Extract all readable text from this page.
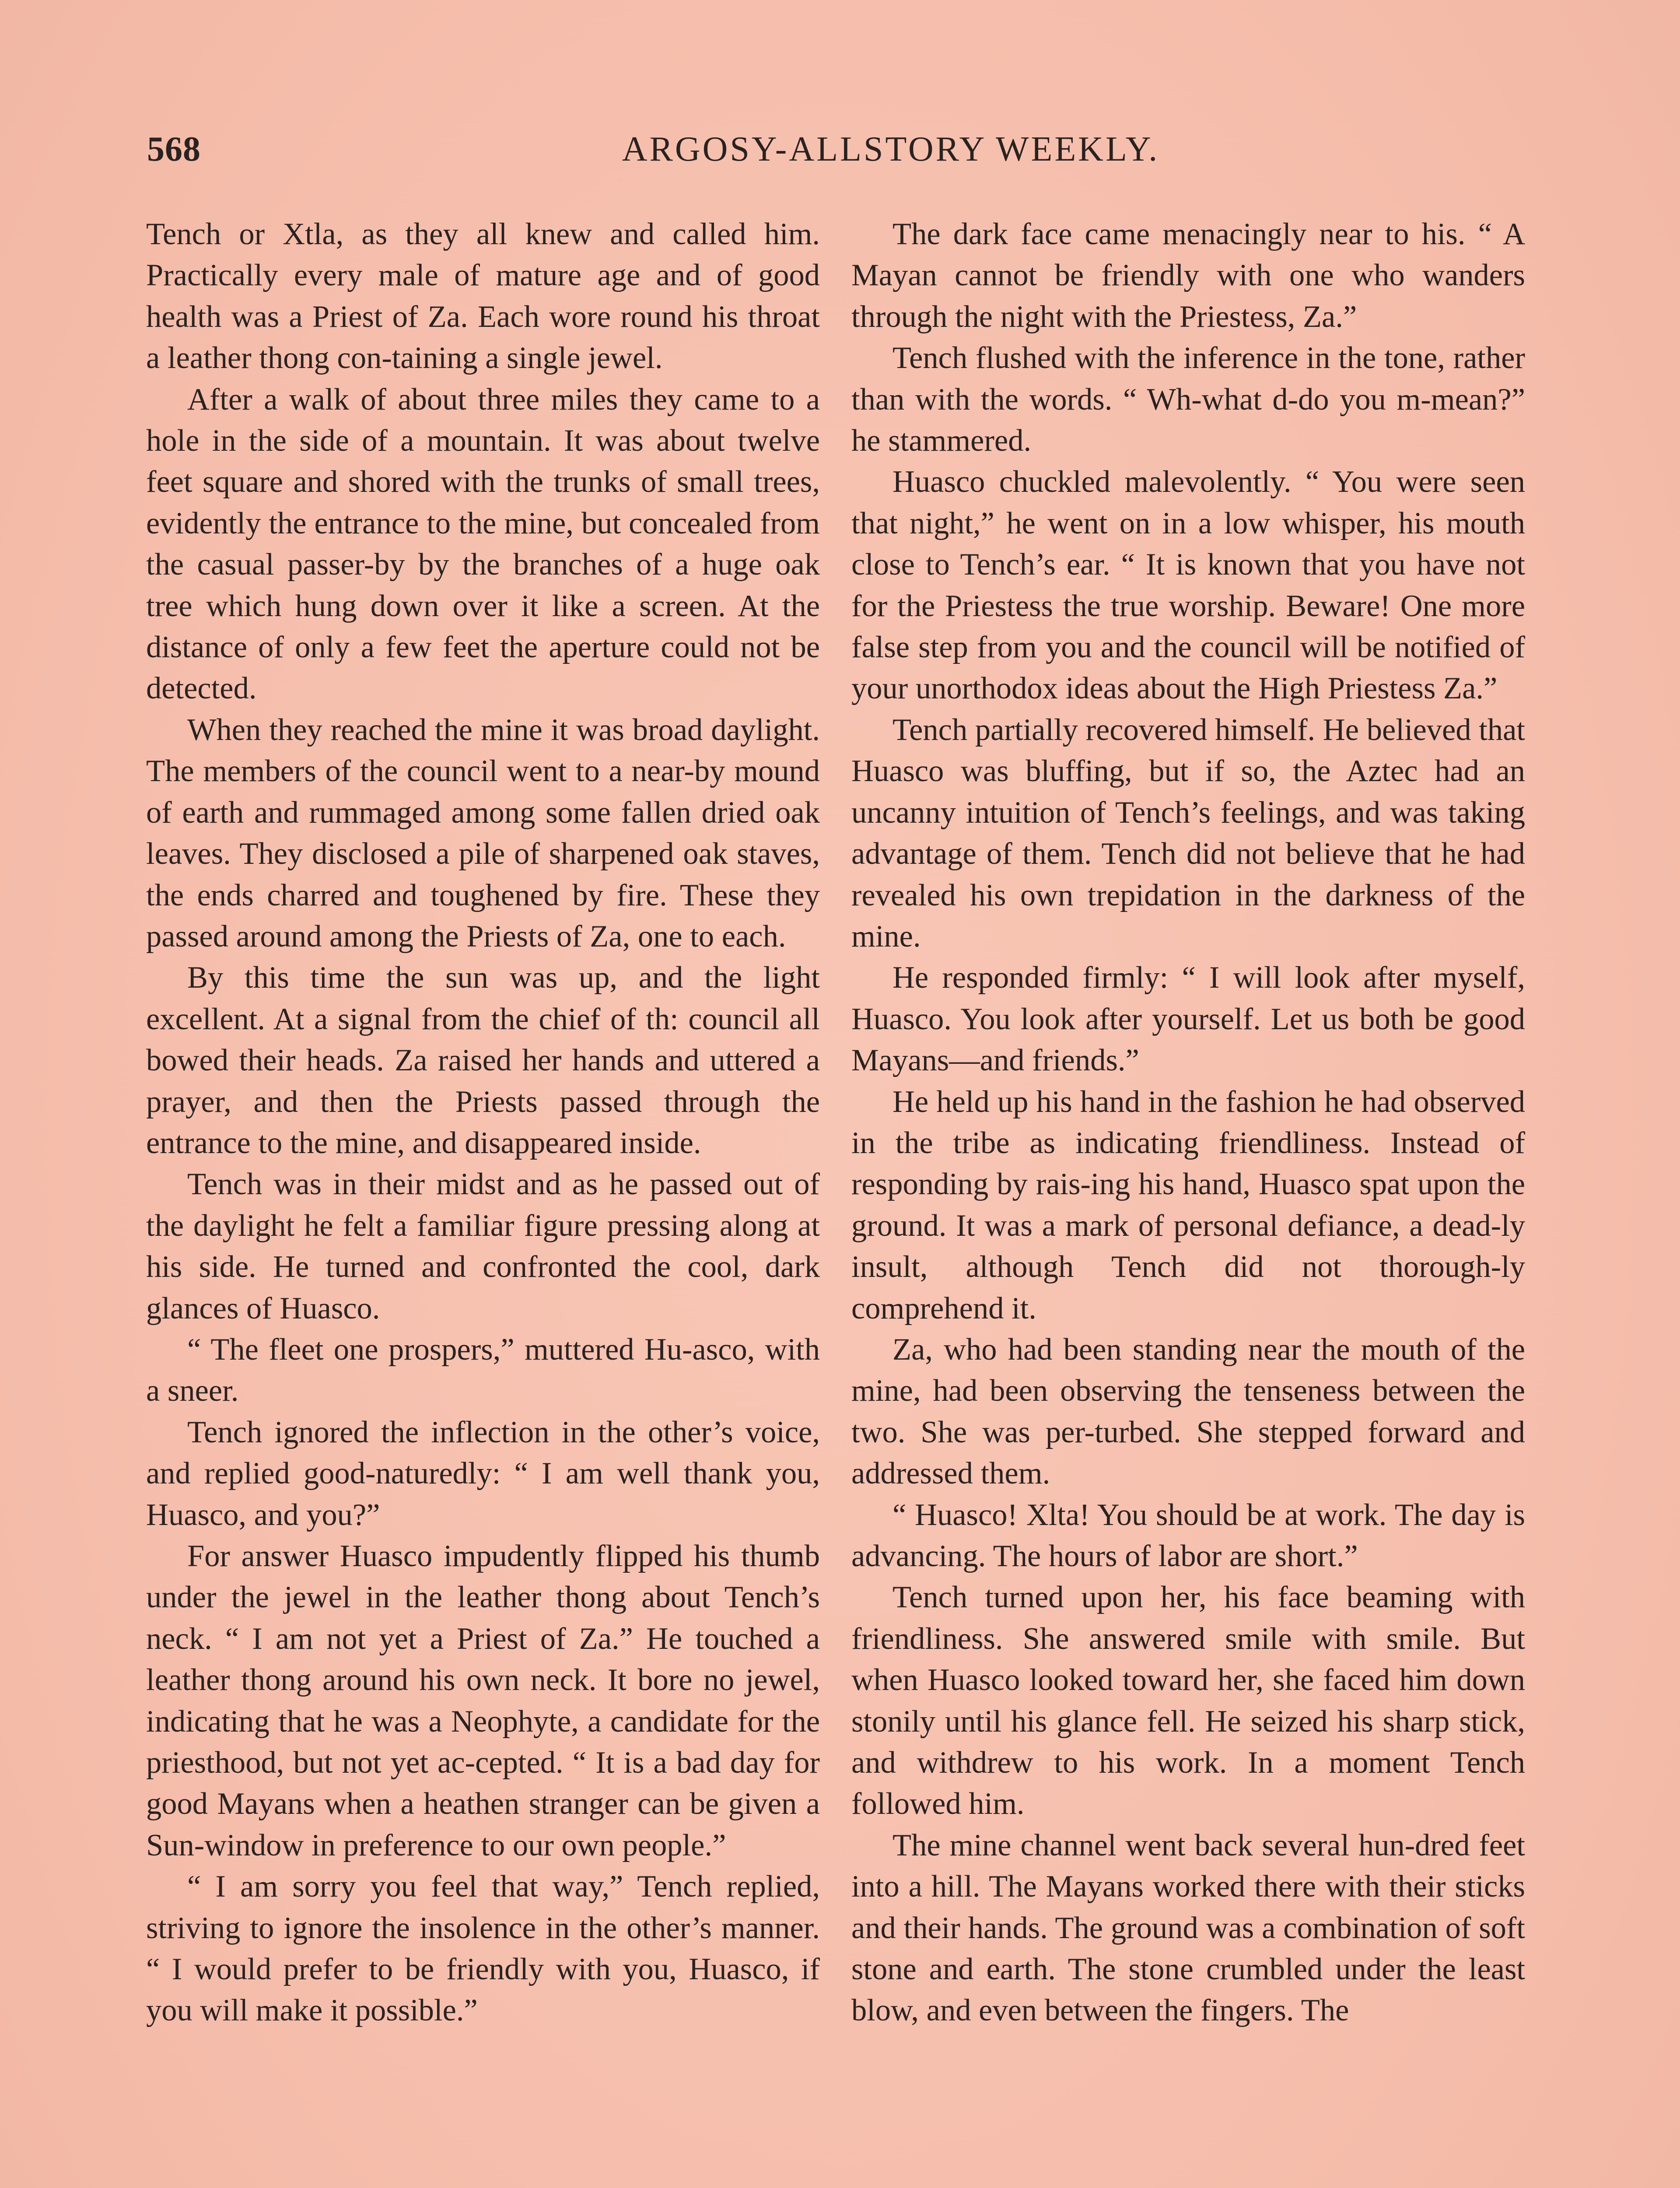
568	ARGOSY-ALLSTORY WEEKLY.

Tench or Xtla, as they all knew and called him. Practically every male of mature age and of good health was a Priest of Za. Each wore round his throat a leather thong con-taining a single jewel.

After a walk of about three miles they came to a hole in the side of a mountain. It was about twelve feet square and shored with the trunks of small trees, evidently the entrance to the mine, but concealed from the casual passer-by by the branches of a huge oak tree which hung down over it like a screen. At the distance of only a few feet the aperture could not be detected.

When they reached the mine it was broad daylight. The members of the council went to a near-by mound of earth and rummaged among some fallen dried oak leaves. They disclosed a pile of sharpened oak staves, the ends charred and toughened by fire. These they passed around among the Priests of Za, one to each.

By this time the sun was up, and the light excellent. At a signal from the chief of th: council all bowed their heads. Za raised her hands and uttered a prayer, and then the Priests passed through the entrance to the mine, and disappeared inside.

Tench was in their midst and as he passed out of the daylight he felt a familiar figure pressing along at his side. He turned and confronted the cool, dark glances of Huasco.

“ The fleet one prospers,” muttered Hu-asco, with a sneer.

Tench ignored the inflection in the other’s voice, and replied good-naturedly: “ I am well thank you, Huasco, and you?”

For answer Huasco impudently flipped his thumb under the jewel in the leather thong about Tench’s neck. “ I am not yet a Priest of Za.” He touched a leather thong around his own neck. It bore no jewel, indicating that he was a Neophyte, a candidate for the priesthood, but not yet ac-cepted. “ It is a bad day for good Mayans when a heathen stranger can be given a Sun-window in preference to our own people.”

“ I am sorry you feel that way,” Tench replied, striving to ignore the insolence in the other’s manner. “ I would prefer to be friendly with you, Huasco, if you will make it possible.”

The dark face came menacingly near to his. “ A Mayan cannot be friendly with one who wanders through the night with the Priestess, Za.”

Tench flushed with the inference in the tone, rather than with the words. “ Wh-what d-do you m-mean?” he stammered.

Huasco chuckled malevolently. “ You were seen that night,” he went on in a low whisper, his mouth close to Tench’s ear. “ It is known that you have not for the Priestess the true worship. Beware! One more false step from you and the council will be notified of your unorthodox ideas about the High Priestess Za.”

Tench partially recovered himself. He believed that Huasco was bluffing, but if so, the Aztec had an uncanny intuition of Tench’s feelings, and was taking advantage of them. Tench did not believe that he had revealed his own trepidation in the darkness of the mine.

He responded firmly: “ I will look after myself, Huasco. You look after yourself. Let us both be good Mayans—and friends.”

He held up his hand in the fashion he had observed in the tribe as indicating friendliness. Instead of responding by rais-ing his hand, Huasco spat upon the ground. It was a mark of personal defiance, a dead-ly insult, although Tench did not thorough-ly comprehend it.

Za, who had been standing near the mouth of the mine, had been observing the tenseness between the two. She was per-turbed. She stepped forward and addressed them.

“ Huasco! Xlta! You should be at work. The day is advancing. The hours of labor are short.”

Tench turned upon her, his face beaming with friendliness. She answered smile with smile. But when Huasco looked toward her, she faced him down stonily until his glance fell. He seized his sharp stick, and withdrew to his work. In a moment Tench followed him.

The mine channel went back several hun-dred feet into a hill. The Mayans worked there with their sticks and their hands. The ground was a combination of soft stone and earth. The stone crumbled under the least blow, and even between the fingers. The
